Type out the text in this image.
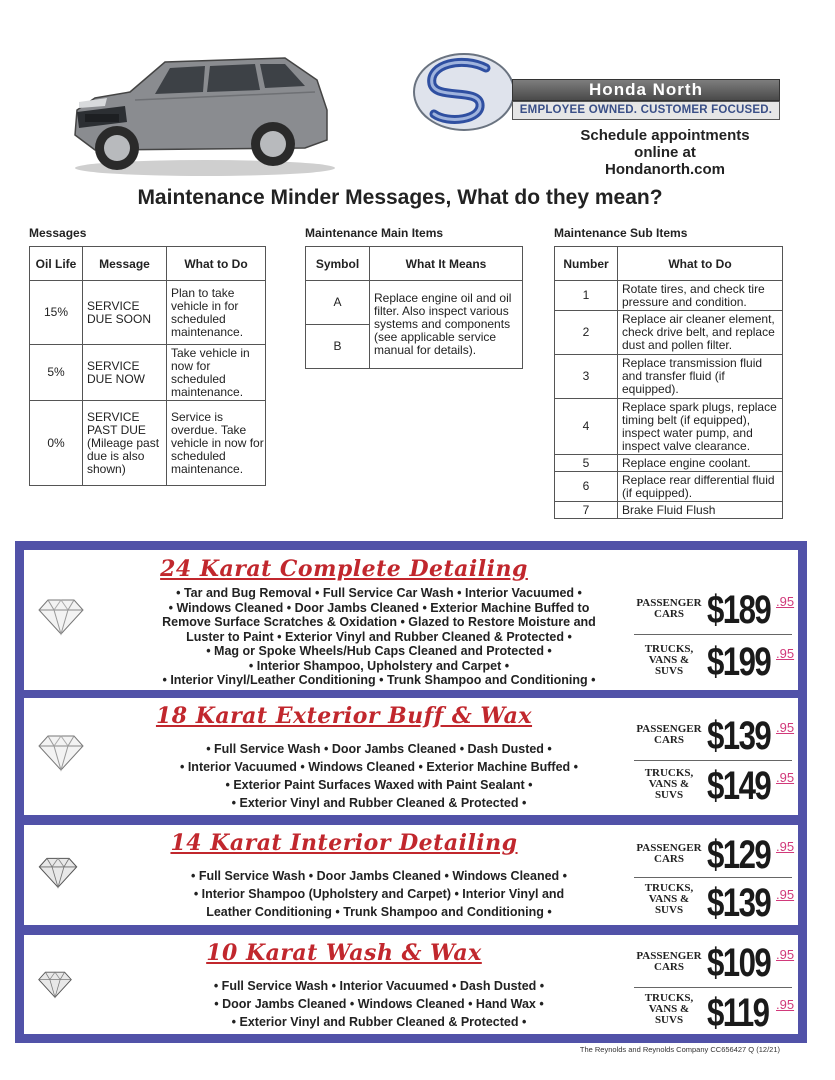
Honda North
EMPLOYEE OWNED. CUSTOMER FOCUSED.
Schedule appointments
online at
Hondanorth.com
Maintenance Minder Messages, What do they mean?
Messages
Oil Life	Message	What to Do
15%	SERVICE DUE SOON	Plan to take vehicle in for scheduled maintenance.
5%	SERVICE DUE NOW	Take vehicle in now for scheduled maintenance.
0%	SERVICE PAST DUE (Mileage past due is also shown)	Service is overdue. Take vehicle in now for scheduled maintenance.
Maintenance Main Items
Symbol	What It Means
A	Replace engine oil and oil filter. Also inspect various systems and components (see applicable service manual for details).
B	
Maintenance Sub Items
Number	What to Do
1	Rotate tires, and check tire pressure and condition.
2	Replace air cleaner element, check drive belt, and replace dust and pollen filter.
3	Replace transmission fluid and transfer fluid (if equipped).
4	Replace spark plugs, replace timing belt (if equipped), inspect water pump, and inspect valve clearance.
5	Replace engine coolant.
6	Replace rear differential fluid (if equipped).
7	Brake Fluid Flush
24 Karat Complete Detailing
• Tar and Bug Removal • Full Service Car Wash • Interior Vacuumed •
• Windows Cleaned • Door Jambs Cleaned • Exterior Machine Buffed to
Remove Surface Scratches & Oxidation • Glazed to Restore Moisture and
Luster to Paint • Exterior Vinyl and Rubber Cleaned & Protected •
• Mag or Spoke Wheels/Hub Caps Cleaned and Protected •
• Interior Shampoo, Upholstery and Carpet •
• Interior Vinyl/Leather Conditioning • Trunk Shampoo and Conditioning •
PASSENGER
CARS $189 .95
TRUCKS,
VANS &
SUVS $199 .95
18 Karat Exterior Buff & Wax
• Full Service Wash • Door Jambs Cleaned • Dash Dusted •
• Interior Vacuumed • Windows Cleaned • Exterior Machine Buffed •
• Exterior Paint Surfaces Waxed with Paint Sealant •
• Exterior Vinyl and Rubber Cleaned & Protected •
PASSENGER
CARS $139 .95
TRUCKS,
VANS &
SUVS $149 .95
14 Karat Interior Detailing
• Full Service Wash • Door Jambs Cleaned • Windows Cleaned •
• Interior Shampoo (Upholstery and Carpet) • Interior Vinyl and
Leather Conditioning • Trunk Shampoo and Conditioning •
PASSENGER
CARS $129 .95
TRUCKS,
VANS &
SUVS $139 .95
10 Karat Wash & Wax
• Full Service Wash • Interior Vacuumed • Dash Dusted •
• Door Jambs Cleaned • Windows Cleaned • Hand Wax •
• Exterior Vinyl and Rubber Cleaned & Protected •
PASSENGER
CARS $109 .95
TRUCKS,
VANS &
SUVS $119 .95
The Reynolds and Reynolds Company CC656427 Q (12/21)
